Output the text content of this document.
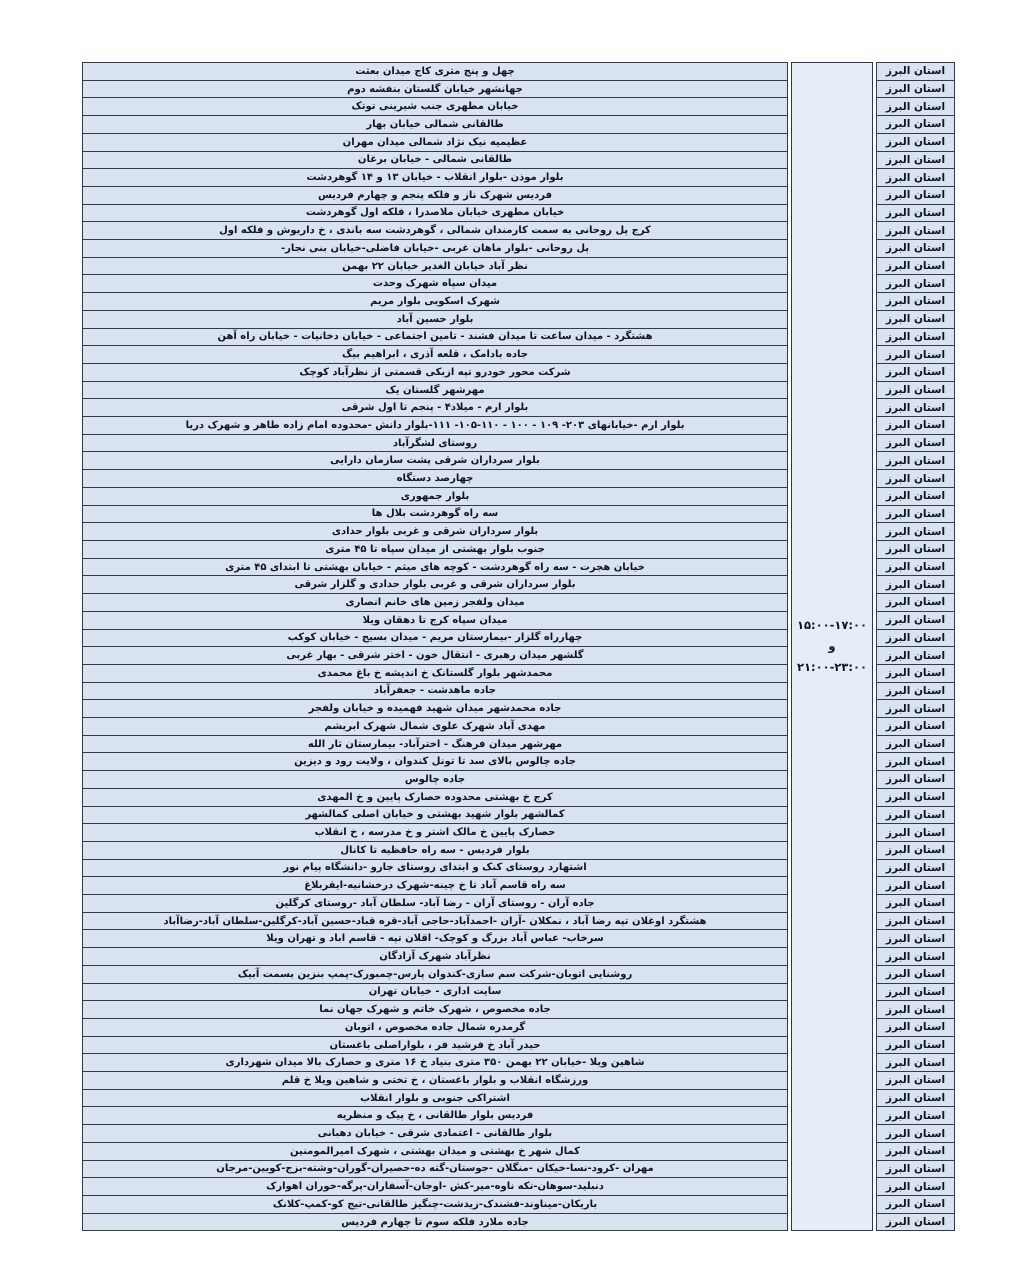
چهل و پنج متری کاج میدان بعثت
جهانشهر خیابان گلستان بنفشه دوم
خیابان مطهری جنب شیرینی توتک
طالقانی شمالی خیابان بهار
عظیمیه نیک نژاد شمالی میدان مهران
طالقانی شمالی - خیابان برغان
بلوار موذن -بلوار انقلاب - خیابان ۱۳ و ۱۴ گوهردشت
فردیس شهرک ناز و فلکه پنجم و چهارم فردیس
خیابان مطهری خیابان ملاصدرا ، فلکه اول گوهردشت
کرج پل روحانی به سمت کارمندان شمالی ، گوهردشت سه باندی ، خ داریوش و فلکه اول
پل روحانی -بلوار ماهان غربی -خیابان فاضلی-خیابان بنی نجار-
نظر آباد خیابان الغدیر خیابان ۲۲ بهمن
میدان سپاه شهرک وحدت
شهرک اسکویی بلوار مریم
بلوار حسین آباد
هشتگرد - میدان ساعت تا میدان فشند - تامین اجتماعی - خیابان دخانیات - خیابان راه آهن
جاده بادامک ، قلعه آذری ، ابراهیم بیگ
شرکت محور خودرو تپه ازبکی قسمتی از نظرآباد کوچک
مهرشهر گلستان یک
بلوار ارم - میلاد۴ - پنجم تا اول شرقی
بلوار ارم -خیابانهای ۲۰۳- ۱۰۹ - ۱۰۰ - ۱۱۰-۱۰۵- ۱۱۱-بلوار دانش -محدوده امام زاده طاهر و شهرک دریا
روستای لشگرآباد
بلوار سرداران شرقی پشت سازمان دارایی
چهارصد دستگاه
بلوار جمهوری
سه راه گوهردشت بلال ها
بلوار سرداران شرقی و غربی بلوار حدادی
جنوب بلوار بهشتی از میدان سپاه تا ۴۵ متری
خیابان هجرت - سه راه گوهردشت - کوچه های میثم - خیابان بهشتی تا ابتدای ۴۵ متری
بلوار سرداران شرقی و غربی بلوار حدادی و گلزار شرقی
میدان ولفجر زمین های خانم انصاری
میدان سپاه کرج تا دهقان ویلا
چهارراه گلزار -بیمارستان مریم - میدان بسیج - خیابان کوکب
گلشهر میدان رهبری - انتقال خون - اختر شرقی - بهار غربی
محمدشهر بلوار گلستانک خ اندیشه خ باغ محمدی
جاده ماهدشت - جعفرآباد
جاده محمدشهر میدان شهید فهمیده و خیابان ولفجر
مهدی آباد شهرک علوی شمال شهرک ابریشم
مهرشهر میدان فرهنگ - اخترآباد- بیمارستان ثار الله
جاده چالوس بالای سد تا تونل کندوان ، ولایت رود و دیزین
جاده چالوس
کرج خ بهشتی محدوده حصارک پایین و خ المهدی
کمالشهر بلوار شهید بهشتی و خیابان اصلی کمالشهر
حصارک پایین خ مالک اشتر و خ مدرسه ، خ انقلاب
بلوار فردیس - سه راه حافظیه تا کانال
اشتهارد روستای کنک و ابتدای روستای جارو -دانشگاه پیام نور
سه راه قاسم آباد تا خ چینه-شهرک درخشانیه-ایقربلاغ
جاده آران - روستای آران - رضا آباد- سلطان آباد -روستای کرگلین
هشتگرد اوغلان تپه رضا آباد ، نمکلان -آران -احمدآباد-حاجی آباد-قره قباد-حسین آباد-کرگلین-سلطان آباد-رضاآباد
سرخاب- عباس آباد بزرگ و کوچک- اقلان تپه - قاسم اباد و تهران ویلا
نظرآباد شهرک آزادگان
روشنایی اتوبان-شرکت سم سازی-کندوان پارس-چمبورک-پمپ بنزین بسمت آبیک
سایت اداری - خیابان تهران
جاده مخصوص ، شهرک خاتم و شهرک جهان نما
گرمدره شمال جاده مخصوص ، اتوبان
حیدر آباد خ فرشید فر ، بلواراصلی باغستان
شاهین ویلا -خیابان ۲۲ بهمن ۳۵۰ متری بنیاد خ ۱۶ متری و حصارک بالا میدان شهرداری
ورزشگاه انقلاب و بلوار باغستان ، خ تختی و شاهین ویلا خ قلم
اشتراکی جنوبی و بلوار انقلاب
فردیس بلوار طالقانی ، خ پیک و منظریه
بلوار طالقانی - اعتمادی شرقی - خیابان دهبانی
کمال شهر خ بهشتی و میدان بهشتی ، شهرک امیرالمومنین
مهران -کرود-نسا-خیکان -منگلان -جوستان-گته ده-حصیران-گوران-وشته-بزج-کویین-مرجان
دنبلید-سوهان-تکه ناوه-میر-کش -اوجان-آسفاران-پرگه-خوران اهوارک
باریکان-میناوند-فشندک-زیدشت-چنگیز طالقانی-تیج کو-کمپ-کلانک
جاده ملارد فلکه سوم تا چهارم فردیس
۱۵:۰۰-۱۷:۰۰
و
۲۱:۰۰-۲۳:۰۰
استان البرز
استان البرز
استان البرز
استان البرز
استان البرز
استان البرز
استان البرز
استان البرز
استان البرز
استان البرز
استان البرز
استان البرز
استان البرز
استان البرز
استان البرز
استان البرز
استان البرز
استان البرز
استان البرز
استان البرز
استان البرز
استان البرز
استان البرز
استان البرز
استان البرز
استان البرز
استان البرز
استان البرز
استان البرز
استان البرز
استان البرز
استان البرز
استان البرز
استان البرز
استان البرز
استان البرز
استان البرز
استان البرز
استان البرز
استان البرز
استان البرز
استان البرز
استان البرز
استان البرز
استان البرز
استان البرز
استان البرز
استان البرز
استان البرز
استان البرز
استان البرز
استان البرز
استان البرز
استان البرز
استان البرز
استان البرز
استان البرز
استان البرز
استان البرز
استان البرز
استان البرز
استان البرز
استان البرز
استان البرز
استان البرز
استان البرز
